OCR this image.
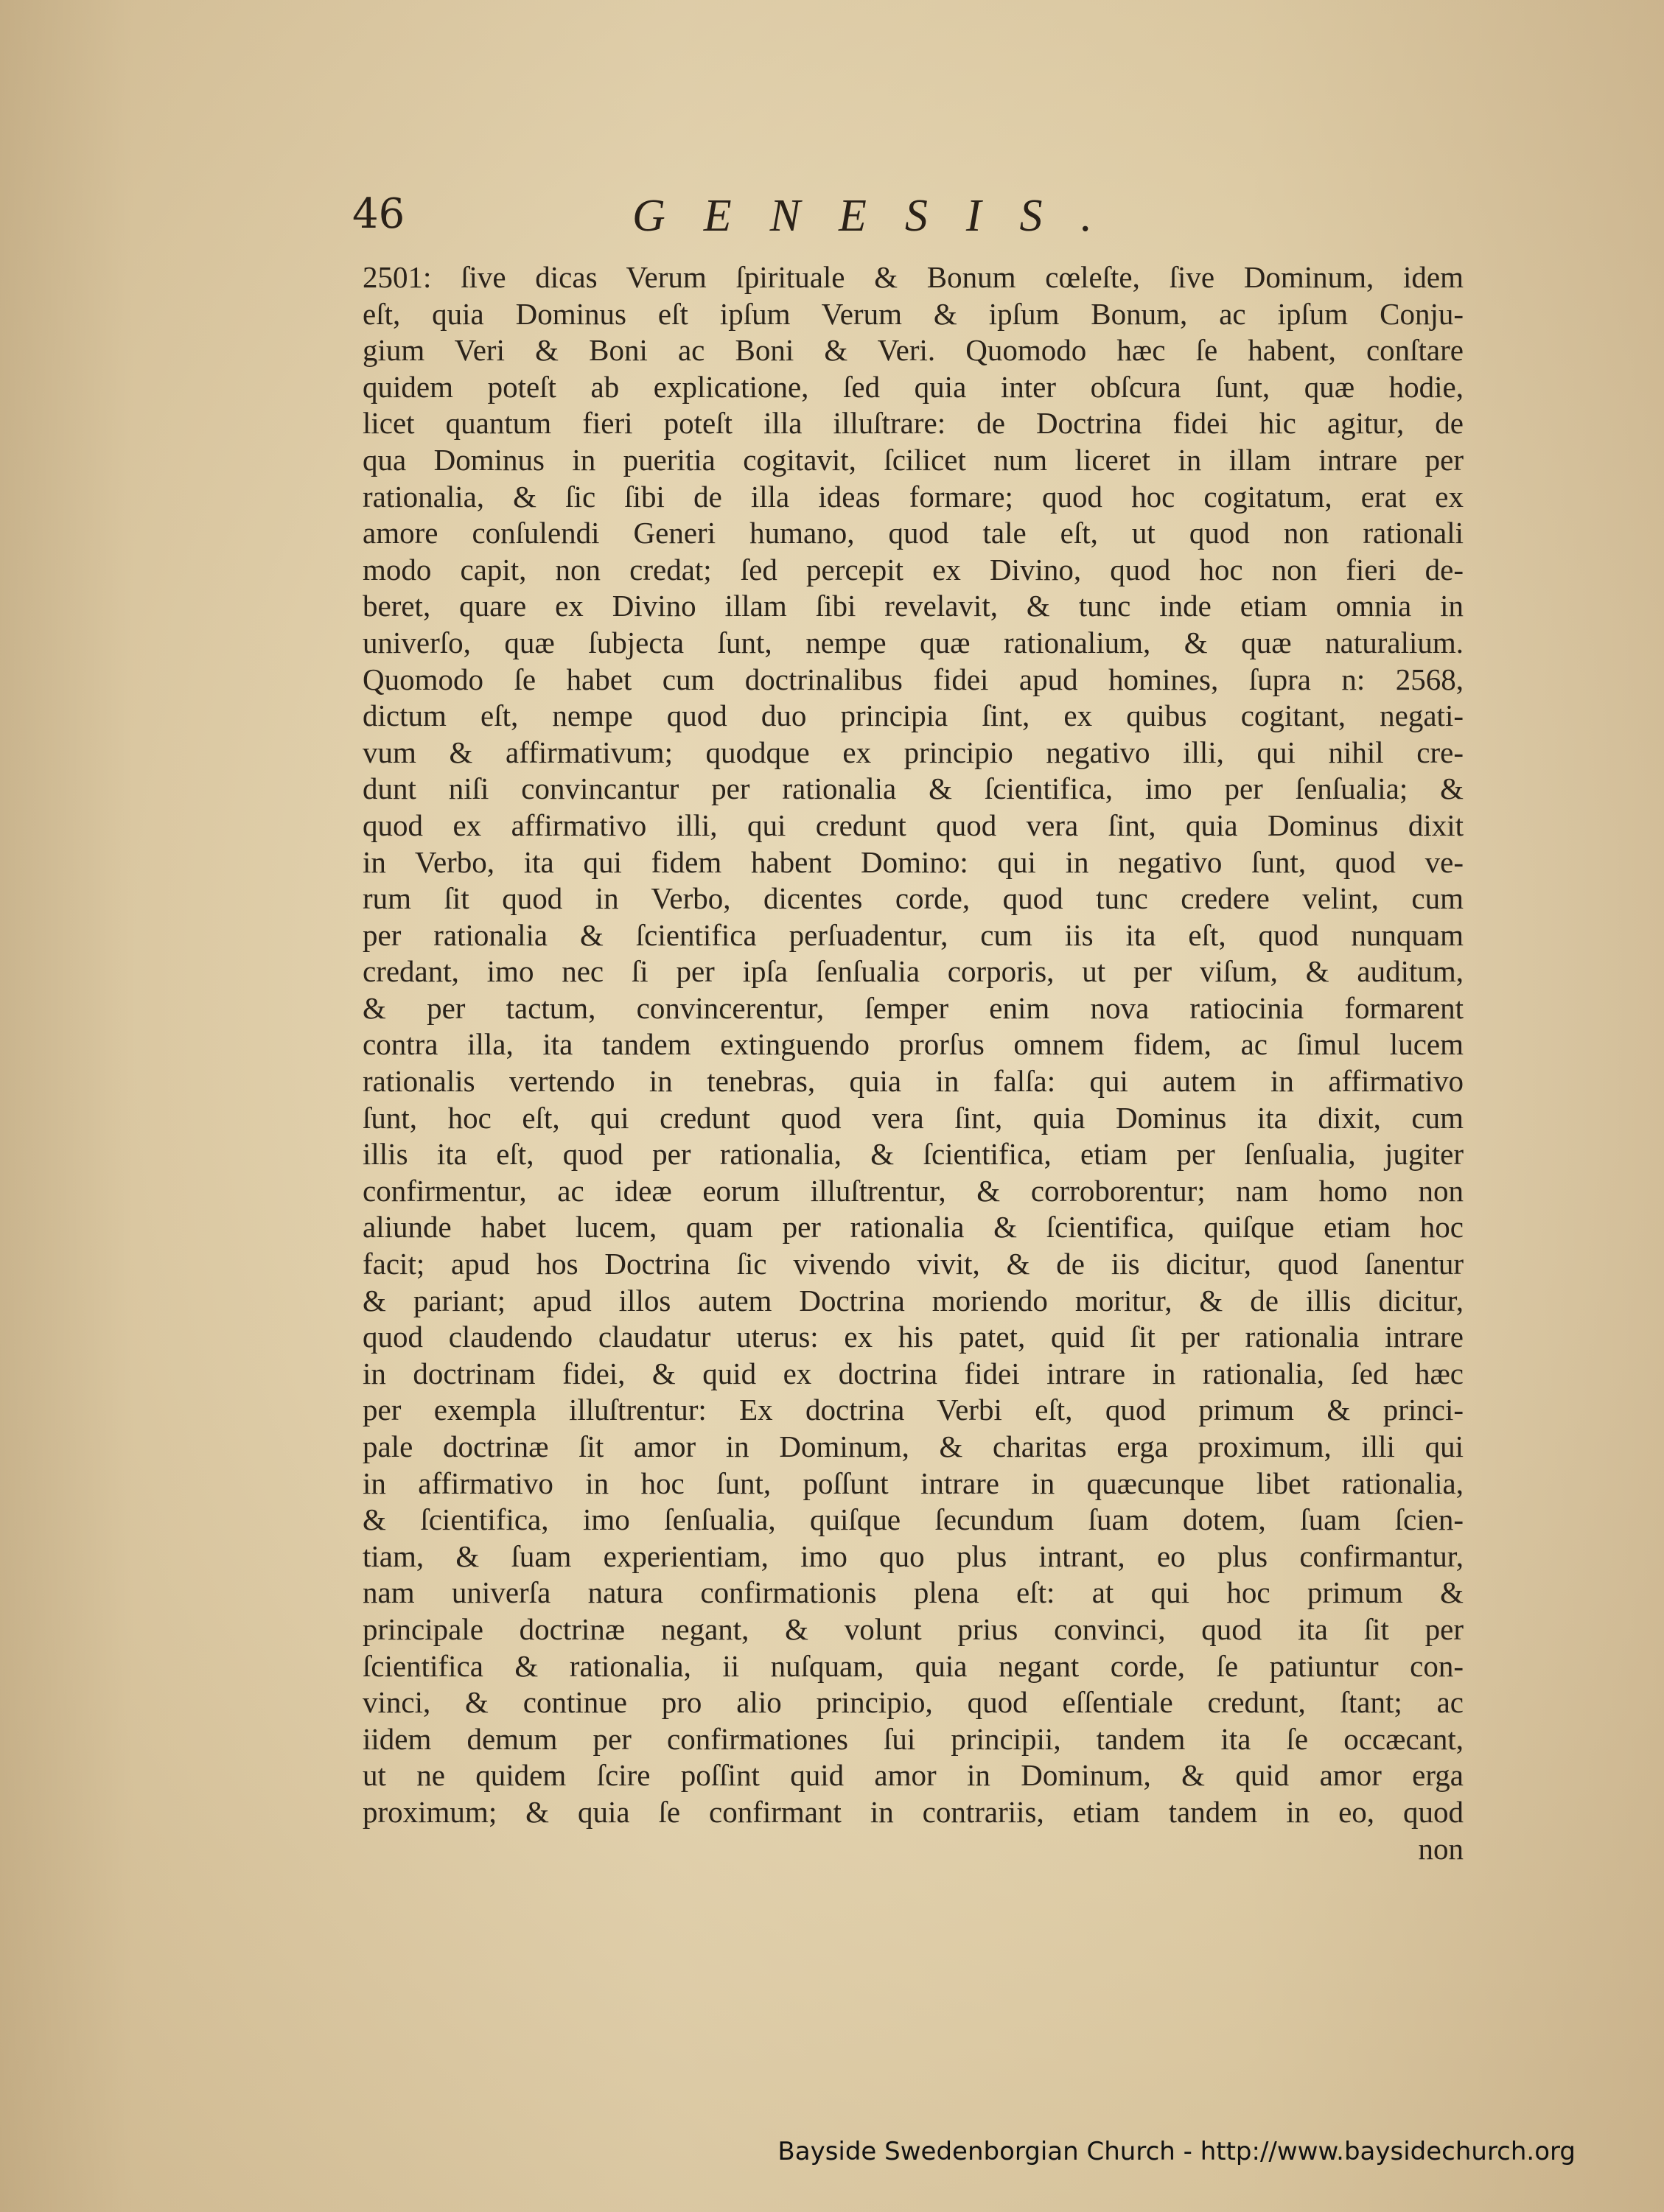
46	GENESIS.
2501: ſive dicas Verum ſpirituale & Bonum cœleſte, ſive Dominum, idem
eſt, quia Dominus eſt ipſum Verum & ipſum Bonum, ac ipſum Conju-
gium Veri & Boni ac Boni & Veri. Quomodo hæc ſe habent, conſtare
quidem poteſt ab explicatione, ſed quia inter obſcura ſunt, quæ hodie,
licet quantum fieri poteſt illa illuſtrare: de Doctrina fidei hic agitur, de
qua Dominus in pueritia cogitavit, ſcilicet num liceret in illam intrare per
rationalia, & ſic ſibi de illa ideas formare; quod hoc cogitatum, erat ex
amore conſulendi Generi humano, quod tale eſt, ut quod non rationali
modo capit, non credat; ſed percepit ex Divino, quod hoc non fieri de-
beret, quare ex Divino illam ſibi revelavit, & tunc inde etiam omnia in
univerſo, quæ ſubjecta ſunt, nempe quæ rationalium, & quæ naturalium.
Quomodo ſe habet cum doctrinalibus fidei apud homines, ſupra n: 2568,
dictum eſt, nempe quod duo principia ſint, ex quibus cogitant, negati-
vum & affirmativum; quodque ex principio negativo illi, qui nihil cre-
dunt niſi convincantur per rationalia & ſcientifica, imo per ſenſualia; &
quod ex affirmativo illi, qui credunt quod vera ſint, quia Dominus dixit
in Verbo, ita qui fidem habent Domino: qui in negativo ſunt, quod ve-
rum ſit quod in Verbo, dicentes corde, quod tunc credere velint, cum
per rationalia & ſcientifica perſuadentur, cum iis ita eſt, quod nunquam
credant, imo nec ſi per ipſa ſenſualia corporis, ut per viſum, & auditum,
& per tactum, convincerentur, ſemper enim nova ratiocinia formarent
contra illa, ita tandem extinguendo prorſus omnem fidem, ac ſimul lucem
rationalis vertendo in tenebras, quia in falſa: qui autem in affirmativo
ſunt, hoc eſt, qui credunt quod vera ſint, quia Dominus ita dixit, cum
illis ita eſt, quod per rationalia, & ſcientifica, etiam per ſenſualia, jugiter
confirmentur, ac ideæ eorum illuſtrentur, & corroborentur; nam homo non
aliunde habet lucem, quam per rationalia & ſcientifica, quiſque etiam hoc
facit; apud hos Doctrina ſic vivendo vivit, & de iis dicitur, quod ſanentur
& pariant; apud illos autem Doctrina moriendo moritur, & de illis dicitur,
quod claudendo claudatur uterus: ex his patet, quid ſit per rationalia intrare
in doctrinam fidei, & quid ex doctrina fidei intrare in rationalia, ſed hæc
per exempla illuſtrentur: Ex doctrina Verbi eſt, quod primum & princi-
pale doctrinæ ſit amor in Dominum, & charitas erga proximum, illi qui
in affirmativo in hoc ſunt, poſſunt intrare in quæcunque libet rationalia,
& ſcientifica, imo ſenſualia, quiſque ſecundum ſuam dotem, ſuam ſcien-
tiam, & ſuam experientiam, imo quo plus intrant, eo plus confirmantur,
nam univerſa natura confirmationis plena eſt: at qui hoc primum &
principale doctrinæ negant, & volunt prius convinci, quod ita ſit per
ſcientifica & rationalia, ii nuſquam, quia negant corde, ſe patiuntur con-
vinci, & continue pro alio principio, quod eſſentiale credunt, ſtant; ac
iidem demum per confirmationes ſui principii, tandem ita ſe occæcant,
ut ne quidem ſcire poſſint quid amor in Dominum, & quid amor erga
proximum; & quia ſe confirmant in contrariis, etiam tandem in eo, quod
non
Bayside Swedenborgian Church - http://www.baysidechurch.org
